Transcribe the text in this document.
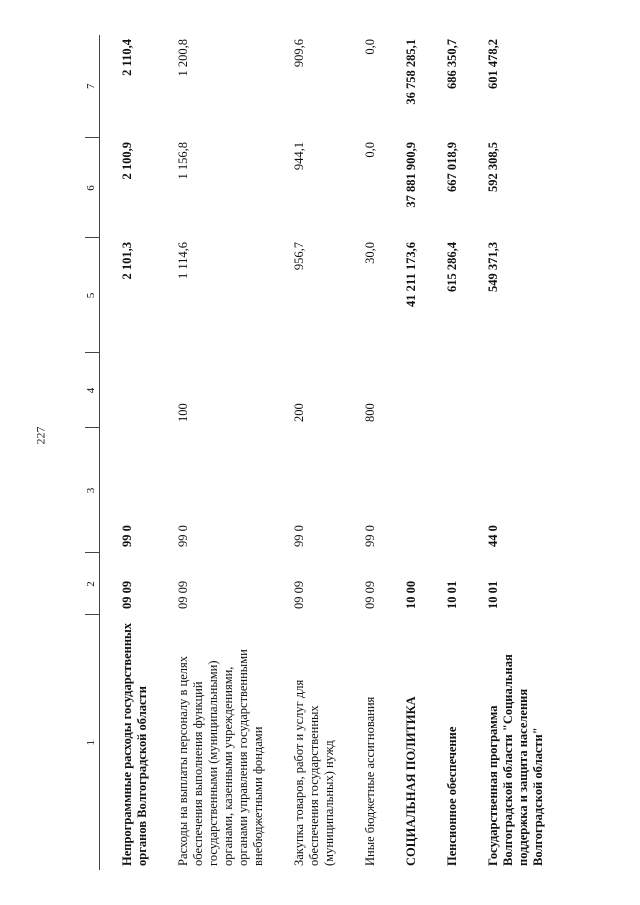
227
1	2	3	4	5	6	7
Непрограммные расходы государственных органов Волгоградской области	09 09	99 0		2 101,3	2 100,9	2 110,4
Расходы на выплаты персоналу в целях обеспечения выполнения функций государственными (муниципальными) органами, казенными учреждениями, органами управления государственными внебюджетными фондами	09 09	99 0	100	1 114,6	1 156,8	1 200,8
Закупка товаров, работ и услуг для обеспечения государственных (муниципальных) нужд	09 09	99 0	200	956,7	944,1	909,6
Иные бюджетные ассигнования	09 09	99 0	800	30,0	0,0	0,0
СОЦИАЛЬНАЯ ПОЛИТИКА	10 00			41 211 173,6	37 881 900,9	36 758 285,1
Пенсионное обеспечение	10 01			615 286,4	667 018,9	686 350,7
Государственная программа Волгоградской области "Социальная поддержка и защита населения Волгоградской области"	10 01	44 0		549 371,3	592 308,5	601 478,2
